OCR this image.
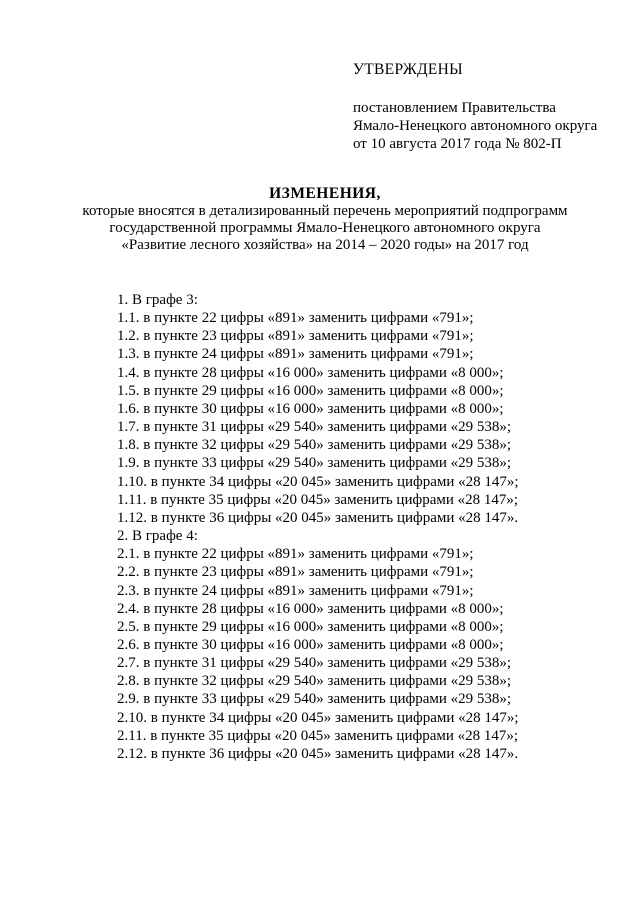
УТВЕРЖДЕНЫ
постановлением Правительства
Ямало-Ненецкого автономного округа
от 10 августа 2017 года № 802-П
ИЗМЕНЕНИЯ,
которые вносятся в детализированный перечень мероприятий подпрограмм
государственной программы Ямало-Ненецкого автономного округа
«Развитие лесного хозяйства» на 2014 – 2020 годы» на 2017 год
1. В графе 3:
1.1. в пункте 22 цифры «891» заменить цифрами «791»;
1.2. в пункте 23 цифры «891» заменить цифрами «791»;
1.3. в пункте 24 цифры «891» заменить цифрами «791»;
1.4. в пункте 28 цифры «16 000» заменить цифрами «8 000»;
1.5. в пункте 29 цифры «16 000» заменить цифрами «8 000»;
1.6. в пункте 30 цифры «16 000» заменить цифрами «8 000»;
1.7. в пункте 31 цифры «29 540» заменить цифрами «29 538»;
1.8. в пункте 32 цифры «29 540» заменить цифрами «29 538»;
1.9. в пункте 33 цифры «29 540» заменить цифрами «29 538»;
1.10. в пункте 34 цифры «20 045» заменить цифрами «28 147»;
1.11. в пункте 35 цифры «20 045» заменить цифрами «28 147»;
1.12. в пункте 36 цифры «20 045» заменить цифрами «28 147».
2. В графе 4:
2.1. в пункте 22 цифры «891» заменить цифрами «791»;
2.2. в пункте 23 цифры «891» заменить цифрами «791»;
2.3. в пункте 24 цифры «891» заменить цифрами «791»;
2.4. в пункте 28 цифры «16 000» заменить цифрами «8 000»;
2.5. в пункте 29 цифры «16 000» заменить цифрами «8 000»;
2.6. в пункте 30 цифры «16 000» заменить цифрами «8 000»;
2.7. в пункте 31 цифры «29 540» заменить цифрами «29 538»;
2.8. в пункте 32 цифры «29 540» заменить цифрами «29 538»;
2.9. в пункте 33 цифры «29 540» заменить цифрами «29 538»;
2.10. в пункте 34 цифры «20 045» заменить цифрами «28 147»;
2.11. в пункте 35 цифры «20 045» заменить цифрами «28 147»;
2.12. в пункте 36 цифры «20 045» заменить цифрами «28 147».
